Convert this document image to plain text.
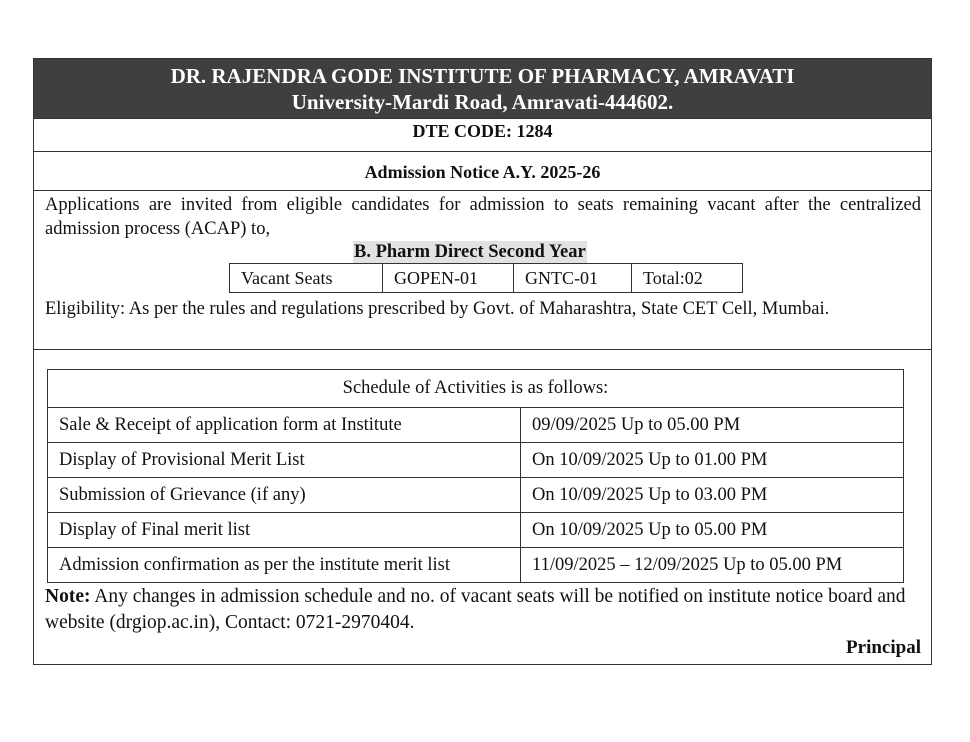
DR. RAJENDRA GODE INSTITUTE OF PHARMACY, AMRAVATI
University-Mardi Road, Amravati-444602.
DTE CODE: 1284
Admission Notice A.Y. 2025-26
Applications are invited from eligible candidates for admission to seats remaining vacant after the centralized admission process (ACAP) to,
B. Pharm Direct Second Year
Vacant Seats	GOPEN-01	GNTC-01	Total:02
Eligibility: As per the rules and regulations prescribed by Govt. of Maharashtra, State CET Cell, Mumbai.
Schedule of Activities is as follows:	
Sale & Receipt of application form at Institute	09/09/2025 Up to 05.00 PM
Display of Provisional Merit List	On 10/09/2025 Up to 01.00 PM
Submission of Grievance (if any)	On 10/09/2025 Up to 03.00 PM
Display of Final merit list	On 10/09/2025 Up to 05.00 PM
Admission confirmation as per the institute merit list	11/09/2025 – 12/09/2025 Up to 05.00 PM
Note: Any changes in admission schedule and no. of vacant seats will be notified on institute notice board and website (drgiop.ac.in), Contact: 0721-2970404.
Principal
